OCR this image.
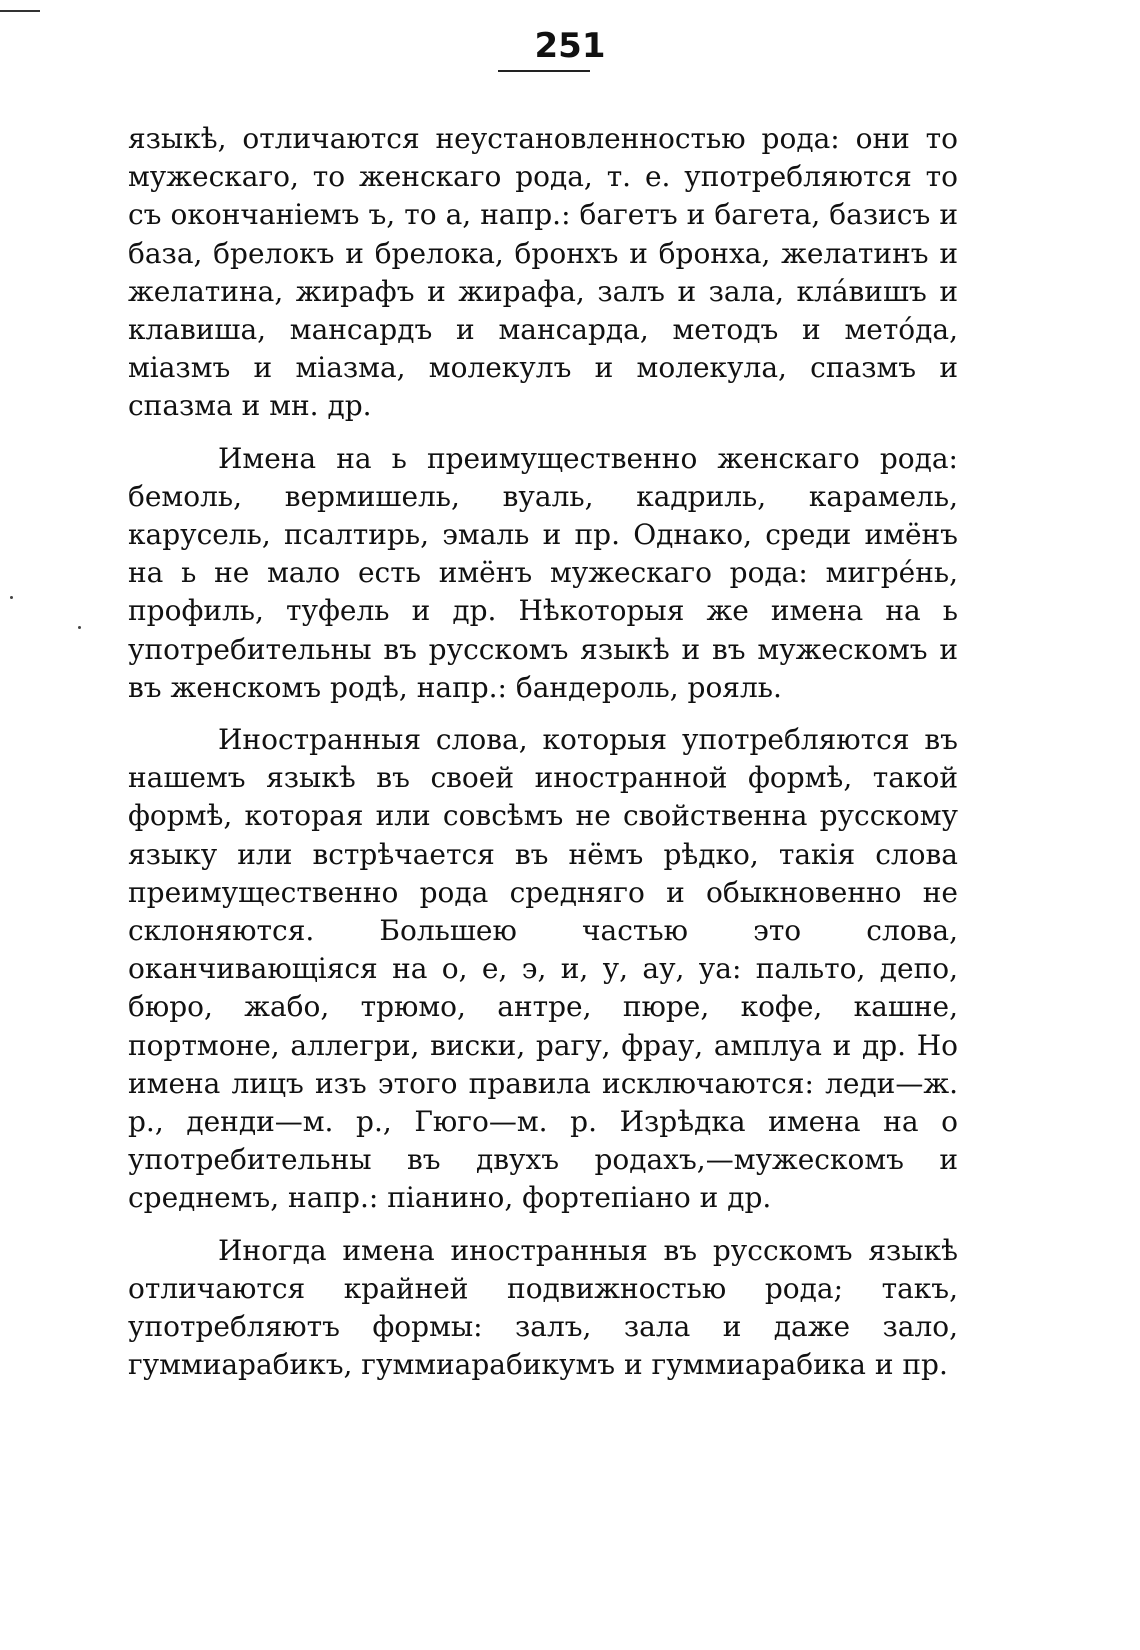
251

языкѣ, отличаются неустановленностью рода: они то мужескаго, то женскаго рода, т. е. употребляются то съ окончаніемъ ъ, то а, напр.: багетъ и багета, базисъ и база, брелокъ и брелока, бронхъ и бронха, желатинъ и желатина, жирафъ и жирафа, залъ и зала, кла́вишъ и клавиша, мансардъ и мансарда, методъ и мето́да, міазмъ и міазма, молекулъ и молекула, спазмъ и спазма и мн. др.

Имена на ь преимущественно женскаго рода: бемоль, вермишель, вуаль, кадриль, карамель, карусель, псалтирь, эмаль и пр. Однако, среди имёнъ на ь не мало есть имёнъ мужескаго рода: мигре́нь, профиль, туфель и др. Нѣкоторыя же имена на ь употребительны въ русскомъ языкѣ и въ мужескомъ и въ женскомъ родѣ, напр.: бандероль, рояль.

Иностранныя слова, которыя употребляются въ нашемъ языкѣ въ своей иностранной формѣ, такой формѣ, которая или совсѣмъ не свойственна русскому языку или встрѣчается въ нёмъ рѣдко, такія слова преимущественно рода средняго и обыкновенно не склоняются. Большею частью это слова, оканчивающіяся на о, е, э, и, у, ау, уа: пальто, депо, бюро, жабо, трюмо, антре, пюре, кофе, кашне, портмоне, аллегри, виски, рагу, фрау, амплуа и др. Но имена лицъ изъ этого правила исключаются: леди—ж. р., денди—м. р., Гюго—м. р. Изрѣдка имена на о употребительны въ двухъ родахъ,—мужескомъ и среднемъ, напр.: піанино, фортепіано и др.

Иногда имена иностранныя въ русскомъ языкѣ отличаются крайней подвижностью рода; такъ, употребляютъ формы: залъ, зала и даже зало, гуммиарабикъ, гуммиарабикумъ и гуммиарабика и пр.
